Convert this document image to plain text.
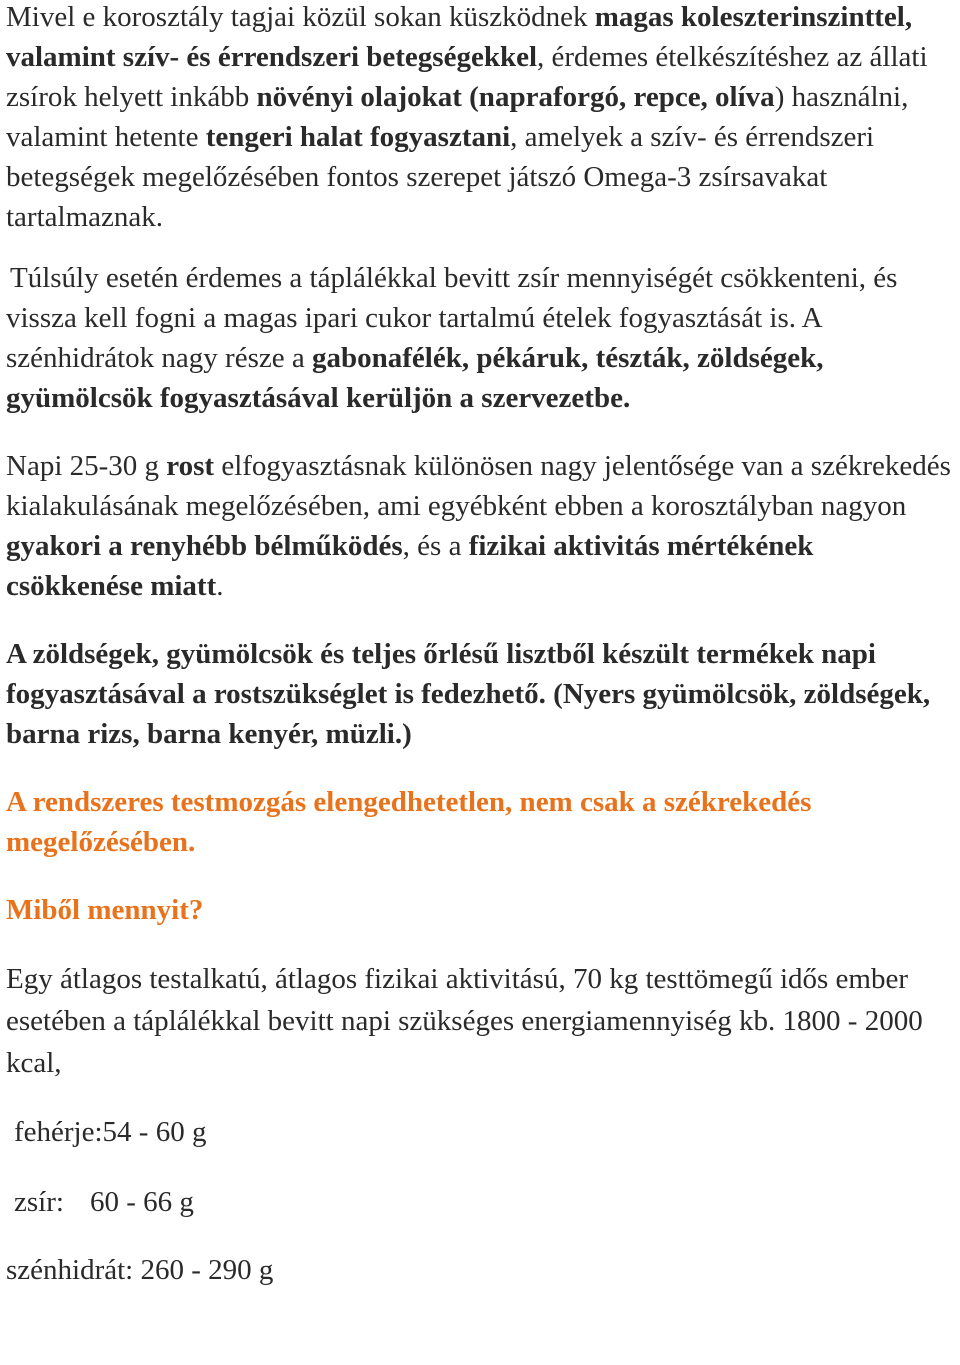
Mivel e korosztály tagjai közül sokan küszködnek magas koleszterinszinttel, valamint szív- és érrendszeri betegségekkel, érdemes ételkészítéshez az állati zsírok helyett inkább növényi olajokat (napraforgó, repce, olíva) használni, valamint hetente tengeri halat fogyasztani, amelyek a szív- és érrendszeri betegségek megelőzésében fontos szerepet játszó Omega-3 zsírsavakat tartalmaznak.

Túlsúly esetén érdemes a táplálékkal bevitt zsír mennyiségét csökkenteni, és vissza kell fogni a magas ipari cukor tartalmú ételek fogyasztását is. A szénhidrátok nagy része a gabonafélék, pékáruk, tészták, zöldségek, gyümölcsök fogyasztásával kerüljön a szervezetbe.

Napi 25-30 g rost elfogyasztásnak különösen nagy jelentősége van a székrekedés kialakulásának megelőzésében, ami egyébként ebben a korosztályban nagyon gyakori a renyhébb bélműködés, és a fizikai aktivitás mértékének csökkenése miatt.

A zöldségek, gyümölcsök és teljes őrlésű lisztből készült termékek napi fogyasztásával a rostszükséglet is fedezhető. (Nyers gyümölcsök, zöldségek, barna rizs, barna kenyér, müzli.)

A rendszeres testmozgás elengedhetetlen, nem csak a székrekedés megelőzésében.

Miből mennyit?

Egy átlagos testalkatú, átlagos fizikai aktivitású, 70 kg testtömegű idős ember esetében a táplálékkal bevitt napi szükséges energiamennyiség kb. 1800 - 2000 kcal,

fehérje:54 - 60 g

zsír: 60 - 66 g

szénhidrát: 260 - 290 g
